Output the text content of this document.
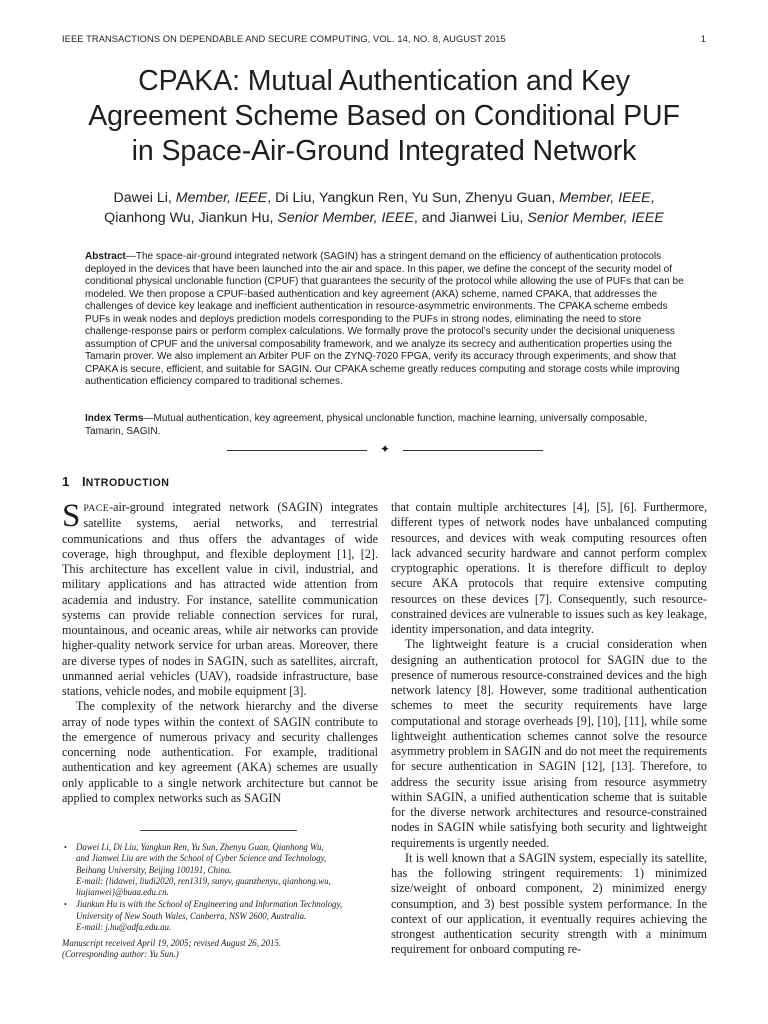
IEEE TRANSACTIONS ON DEPENDABLE AND SECURE COMPUTING, VOL. 14, NO. 8, AUGUST 2015	1
CPAKA: Mutual Authentication and Key
Agreement Scheme Based on Conditional PUF
in Space-Air-Ground Integrated Network
Dawei Li, Member, IEEE, Di Liu, Yangkun Ren, Yu Sun, Zhenyu Guan, Member, IEEE,
Qianhong Wu, Jiankun Hu, Senior Member, IEEE, and Jianwei Liu, Senior Member, IEEE
Abstract—The space-air-ground integrated network (SAGIN) has a stringent demand on the efficiency of authentication protocols deployed in the devices that have been launched into the air and space. In this paper, we define the concept of the security model of conditional physical unclonable function (CPUF) that guarantees the security of the protocol while allowing the use of PUFs that can be modeled. We then propose a CPUF-based authentication and key agreement (AKA) scheme, named CPAKA, that addresses the challenges of device key leakage and inefficient authentication in resource-asymmetric environments. The CPAKA scheme embeds PUFs in weak nodes and deploys prediction models corresponding to the PUFs in strong nodes, eliminating the need to store challenge-response pairs or perform complex calculations. We formally prove the protocol’s security under the decisional uniqueness assumption of CPUF and the universal composability framework, and we analyze its secrecy and authentication properties using the Tamarin prover. We also implement an Arbiter PUF on the ZYNQ-7020 FPGA, verify its accuracy through experiments, and show that CPAKA is secure, efficient, and suitable for SAGIN. Our CPAKA scheme greatly reduces computing and storage costs while improving authentication efficiency compared to traditional schemes.
Index Terms—Mutual authentication, key agreement, physical unclonable function, machine learning, universally composable, Tamarin, SAGIN.
✦
1 INTRODUCTION

SPACE-air-ground integrated network (SAGIN) integrates satellite systems, aerial networks, and terrestrial communications and thus offers the advantages of wide coverage, high throughput, and flexible deployment [1], [2]. This architecture has excellent value in civil, industrial, and military applications and has attracted wide attention from academia and industry. For instance, satellite communication systems can provide reliable connection services for rural, mountainous, and oceanic areas, while air networks can provide higher-quality network service for urban areas. Moreover, there are diverse types of nodes in SAGIN, such as satellites, aircraft, unmanned aerial vehicles (UAV), roadside infrastructure, base stations, vehicle nodes, and mobile equipment [3].

The complexity of the network hierarchy and the diverse array of node types within the context of SAGIN contribute to the emergence of numerous privacy and security challenges concerning node authentication. For example, traditional authentication and key agreement (AKA) schemes are usually only applicable to a single network architecture but cannot be applied to complex networks such as SAGIN

that contain multiple architectures [4], [5], [6]. Furthermore, different types of network nodes have unbalanced computing resources, and devices with weak computing resources often lack advanced security hardware and cannot perform complex cryptographic operations. It is therefore difficult to deploy secure AKA protocols that require extensive computing resources on these devices [7]. Consequently, such resource-constrained devices are vulnerable to issues such as key leakage, identity impersonation, and data integrity.

The lightweight feature is a crucial consideration when designing an authentication protocol for SAGIN due to the presence of numerous resource-constrained devices and the high network latency [8]. However, some traditional authentication schemes to meet the security requirements have large computational and storage overheads [9], [10], [11], while some lightweight authentication schemes cannot solve the resource asymmetry problem in SAGIN and do not meet the requirements for secure authentication in SAGIN [12], [13]. Therefore, to address the security issue arising from resource asymmetry within SAGIN, a unified authentication scheme that is suitable for the diverse network architectures and resource-constrained nodes in SAGIN while satisfying both security and lightweight requirements is urgently needed.

It is well known that a SAGIN system, especially its satellite, has the following stringent requirements: 1) minimized size/weight of onboard component, 2) minimized energy consumption, and 3) best possible system performance. In the context of our application, it eventually requires achieving the strongest authentication security strength with a minimum requirement for onboard computing re-

• Dawei Li, Di Liu, Yangkun Ren, Yu Sun, Zhenyu Guan, Qianhong Wu,
and Jianwei Liu are with the School of Cyber Science and Technology,
Beihang University, Beijing 100191, China.
E-mail: {lidawei, liudi2020, ren1319, sunyv, guanzhenyu, qianhong.wu,
liujianwei}@buaa.edu.cn.
• Jiankun Hu is with the School of Engineering and Information Technology,
University of New South Wales, Canberra, NSW 2600, Australia.
E-mail: j.hu@adfa.edu.au.
Manuscript received April 19, 2005; revised August 26, 2015.
(Corresponding author: Yu Sun.)
